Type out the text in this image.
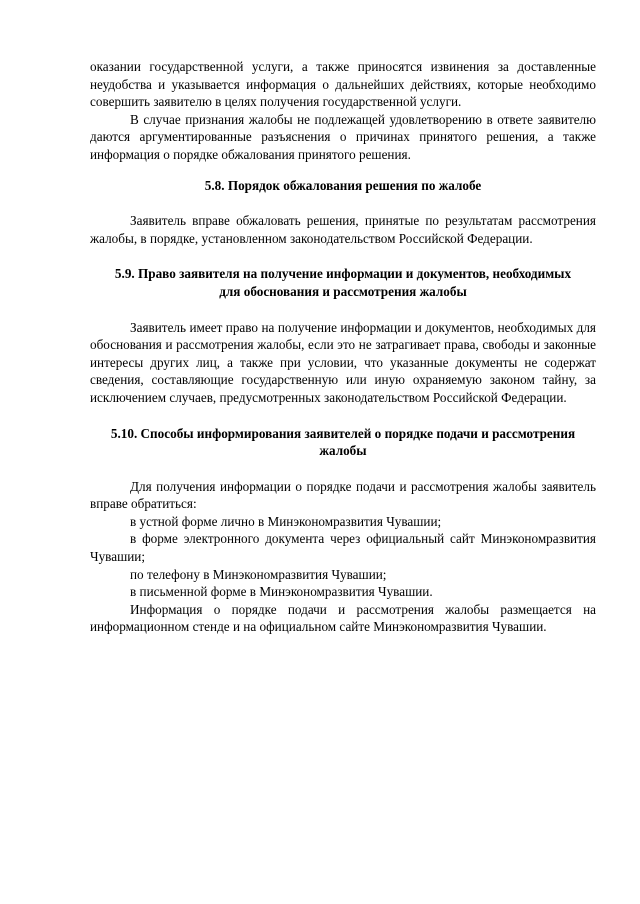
оказании государственной услуги, а также приносятся извинения за доставленные неудобства и указывается информация о дальнейших действиях, которые необходимо совершить заявителю в целях получения государственной услуги.

В случае признания жалобы не подлежащей удовлетворению в ответе заявителю даются аргументированные разъяснения о причинах принятого решения, а также информация о порядке обжалования принятого решения.

5.8. Порядок обжалования решения по жалобе

Заявитель вправе обжаловать решения, принятые по результатам рассмотрения жалобы, в порядке, установленном законодательством Российской Федерации.

5.9. Право заявителя на получение информации и документов, необходимых
для обоснования и рассмотрения жалобы

Заявитель имеет право на получение информации и документов, необходимых для обоснования и рассмотрения жалобы, если это не затрагивает права, свободы и законные интересы других лиц, а также при условии, что указанные документы не содержат сведения, составляющие государственную или иную охраняемую законом тайну, за исключением случаев, предусмотренных законодательством Российской Федерации.

5.10. Способы информирования заявителей о порядке подачи и рассмотрения
жалобы

Для получения информации о порядке подачи и рассмотрения жалобы заявитель вправе обратиться:

в устной форме лично в Минэкономразвития Чувашии;

в форме электронного документа через официальный сайт Минэкономразвития Чувашии;

по телефону в Минэкономразвития Чувашии;

в письменной форме в Минэкономразвития Чувашии.

Информация о порядке подачи и рассмотрения жалобы размещается на информационном стенде и на официальном сайте Минэкономразвития Чувашии.
